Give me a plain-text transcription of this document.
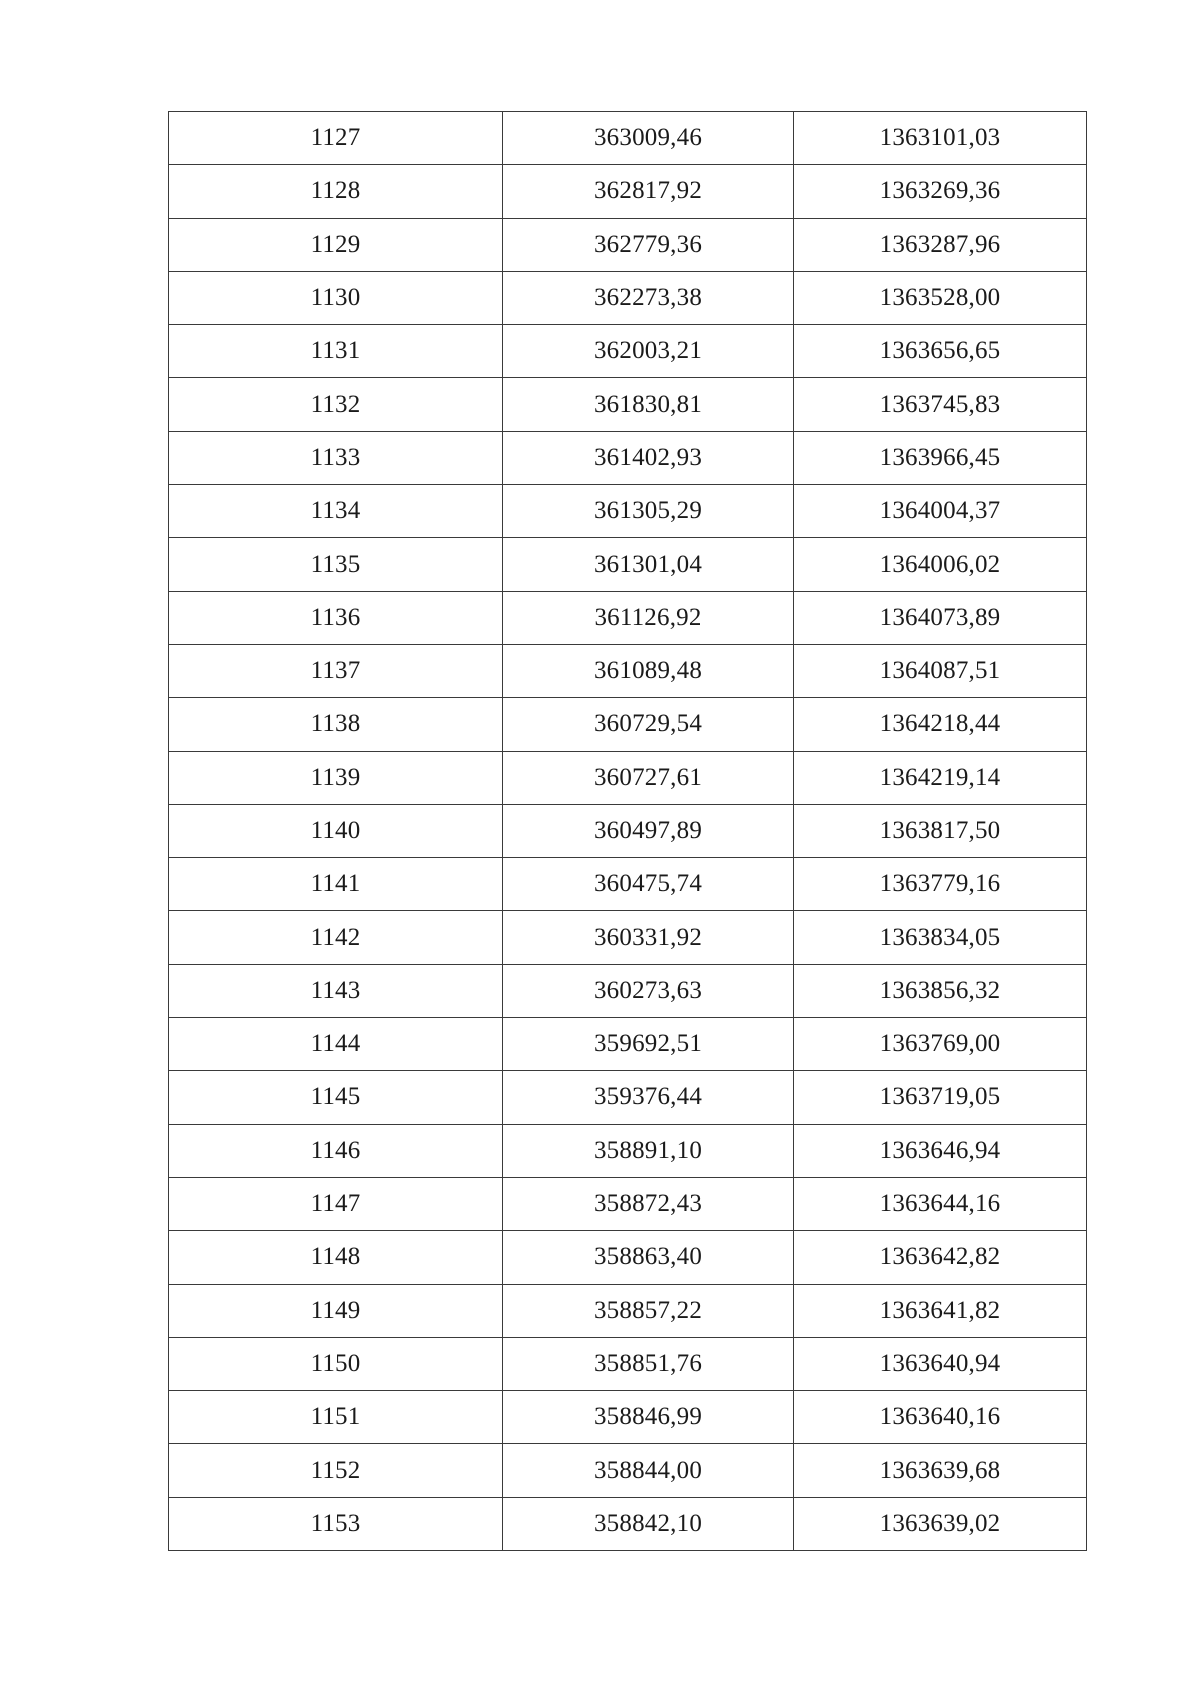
1127	363009,46	1363101,03
1128	362817,92	1363269,36
1129	362779,36	1363287,96
1130	362273,38	1363528,00
1131	362003,21	1363656,65
1132	361830,81	1363745,83
1133	361402,93	1363966,45
1134	361305,29	1364004,37
1135	361301,04	1364006,02
1136	361126,92	1364073,89
1137	361089,48	1364087,51
1138	360729,54	1364218,44
1139	360727,61	1364219,14
1140	360497,89	1363817,50
1141	360475,74	1363779,16
1142	360331,92	1363834,05
1143	360273,63	1363856,32
1144	359692,51	1363769,00
1145	359376,44	1363719,05
1146	358891,10	1363646,94
1147	358872,43	1363644,16
1148	358863,40	1363642,82
1149	358857,22	1363641,82
1150	358851,76	1363640,94
1151	358846,99	1363640,16
1152	358844,00	1363639,68
1153	358842,10	1363639,02
